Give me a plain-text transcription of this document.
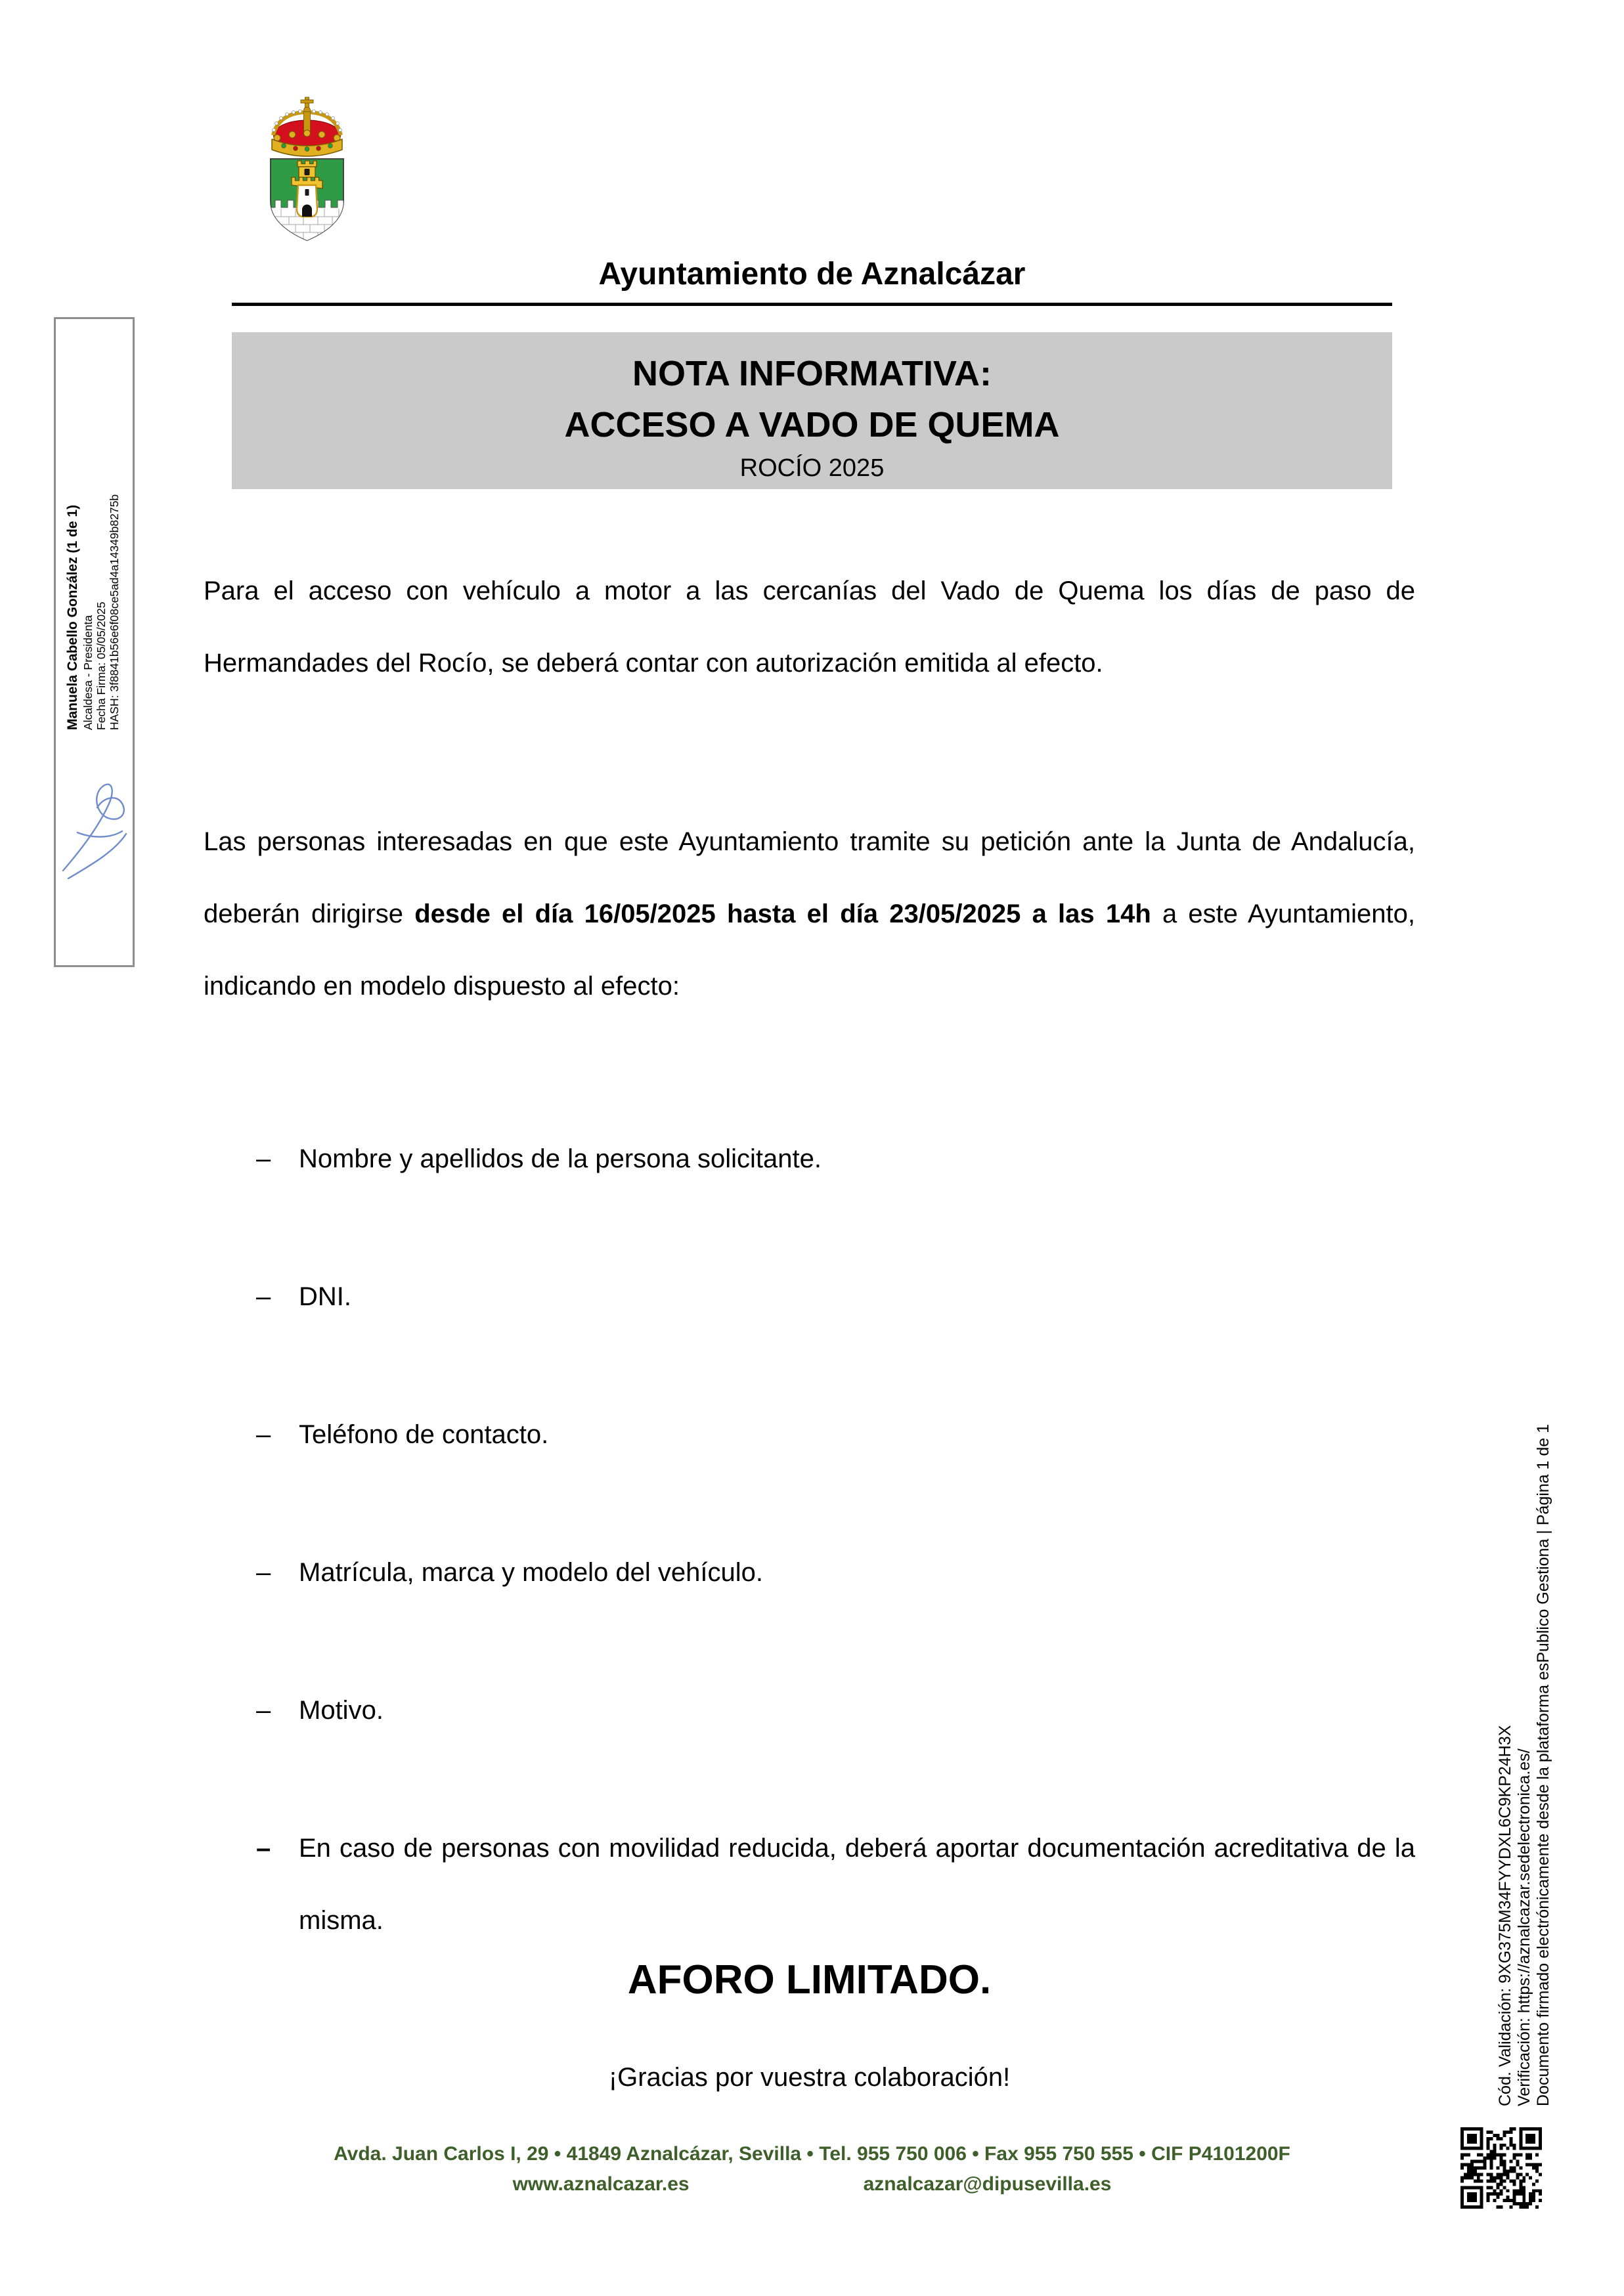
Ayuntamiento de Aznalcázar
NOTA INFORMATIVA:
ACCESO A VADO DE QUEMA
ROCÍO 2025

Para el acceso con vehículo a motor a las cercanías del Vado de Quema los días de paso de Hermandades del Rocío, se deberá contar con autorización emitida al efecto.

Las personas interesadas en que este Ayuntamiento tramite su petición ante la Junta de Andalucía, deberán dirigirse desde el día 16/05/2025 hasta el día 23/05/2025 a las 14h a este Ayuntamiento, indicando en modelo dispuesto al efecto:

– Nombre y apellidos de la persona solicitante.
– DNI.
– Teléfono de contacto.
– Matrícula, marca y modelo del vehículo.
– Motivo.
– En caso de personas con movilidad reducida, deberá aportar documentación acreditativa de la misma.
AFORO LIMITADO.
¡Gracias por vuestra colaboración!
Avda. Juan Carlos I, 29 • 41849 Aznalcázar, Sevilla • Tel. 955 750 006 • Fax 955 750 555 • CIF P4101200F
www.aznalcazar.es	aznalcazar@dipusevilla.es
Manuela Cabello González (1 de 1) Alcaldesa - Presidenta Fecha Firma: 05/05/2025 HASH: 3f8841b56e6f08ce5ad4a14349b8275b
Cód. Validación: 9XG375M34FYYDXL6C9KP24H3X Verificación: https://aznalcazar.sedelectronica.es/ Documento firmado electrónicamente desde la plataforma esPublico Gestiona | Página 1 de 1
